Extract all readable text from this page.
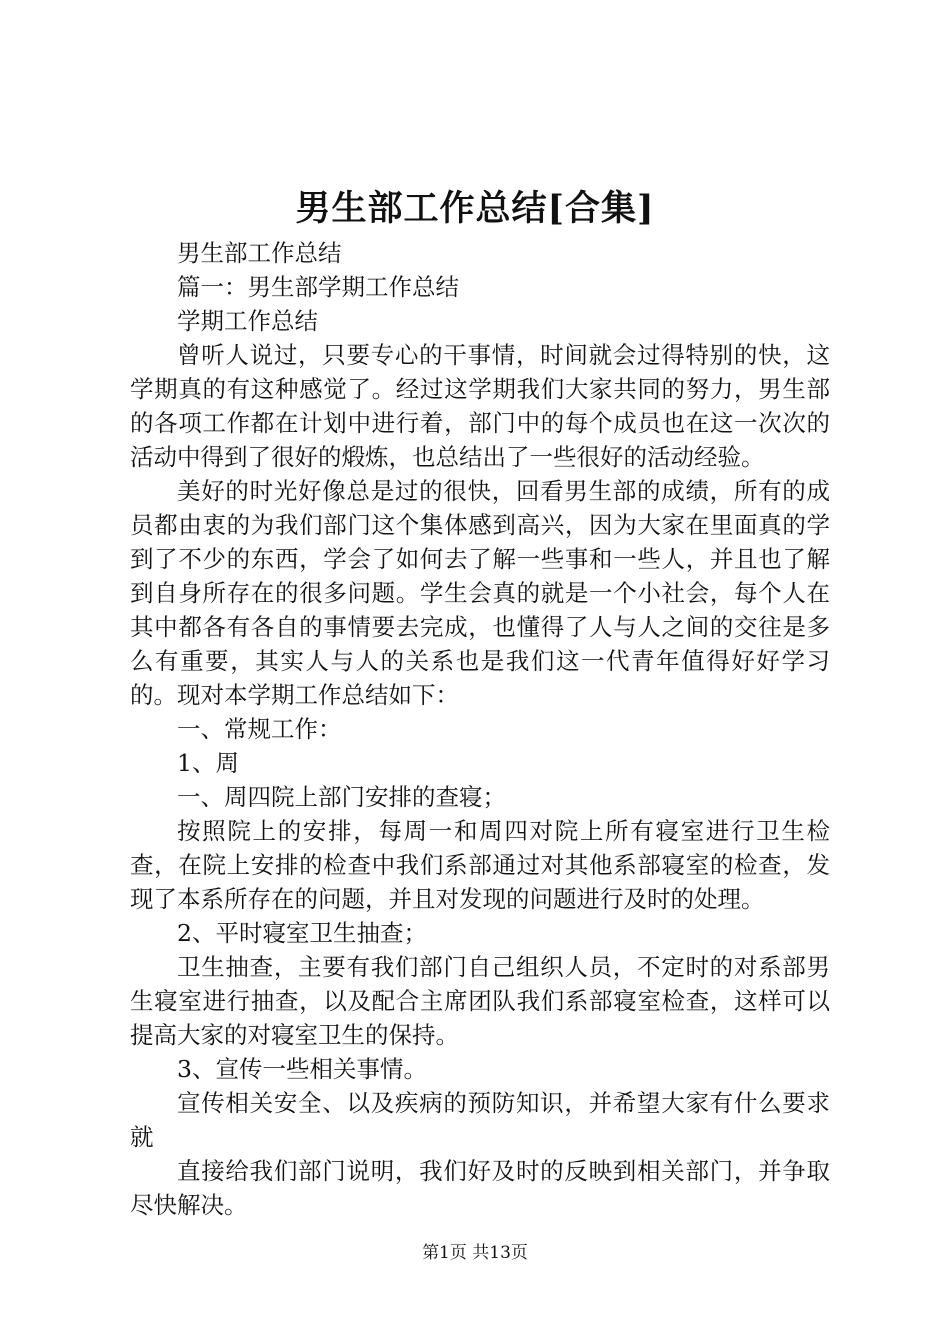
男生部工作总结[合集]

男生部工作总结

篇一：男生部学期工作总结

学期工作总结

曾听人说过，只要专心的干事情，时间就会过得特别的快，这学期真的有这种感觉了。经过这学期我们大家共同的努力，男生部的各项工作都在计划中进行着，部门中的每个成员也在这一次次的活动中得到了很好的煅炼，也总结出了一些很好的活动经验。

美好的时光好像总是过的很快，回看男生部的成绩，所有的成员都由衷的为我们部门这个集体感到高兴，因为大家在里面真的学到了不少的东西，学会了如何去了解一些事和一些人，并且也了解到自身所存在的很多问题。学生会真的就是一个小社会，每个人在其中都各有各自的事情要去完成，也懂得了人与人之间的交往是多么有重要，其实人与人的关系也是我们这一代青年值得好好学习的。现对本学期工作总结如下：

一、常规工作：

1、周

一、周四院上部门安排的查寝；

按照院上的安排，每周一和周四对院上所有寝室进行卫生检查，在院上安排的检查中我们系部通过对其他系部寝室的检查，发现了本系所存在的问题，并且对发现的问题进行及时的处理。

2、平时寝室卫生抽查；

卫生抽查，主要有我们部门自己组织人员，不定时的对系部男生寝室进行抽查，以及配合主席团队我们系部寝室检查，这样可以提高大家的对寝室卫生的保持。

3、宣传一些相关事情。

宣传相关安全、以及疾病的预防知识，并希望大家有什么要求就

直接给我们部门说明，我们好及时的反映到相关部门，并争取尽快解决。

第1页 共13页
